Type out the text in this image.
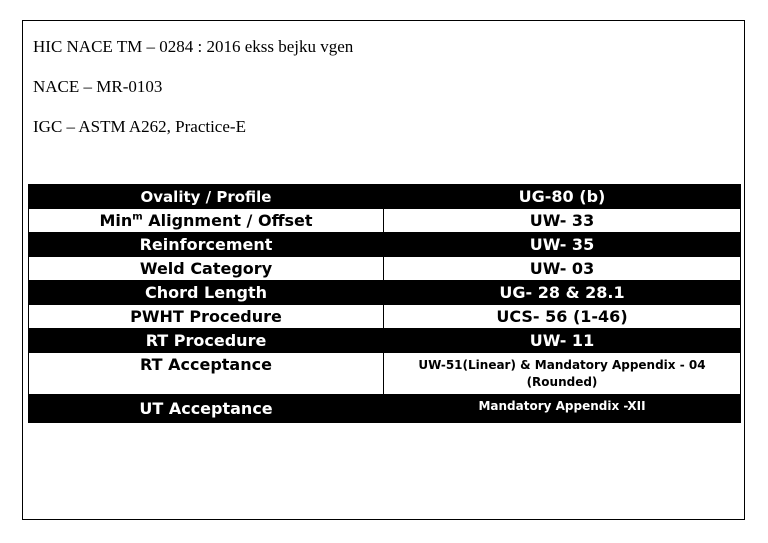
HIC NACE TM – 0284 : 2016 ekss bejku vgen
NACE – MR-0103
IGC – ASTM A262, Practice-E
Ovality / Profile	UG-80 (b)
Min$^m$ Alignment / Offset	UW- 33
Reinforcement	UW- 35
Weld Category	UW- 03
Chord Length	UG- 28 & 28.1
PWHT Procedure	UCS- 56 (1-46)
RT Procedure	UW- 11
RT Acceptance	UW-51(Linear) & Mandatory Appendix - 04 (Rounded)
UT Acceptance	Mandatory Appendix -XII
